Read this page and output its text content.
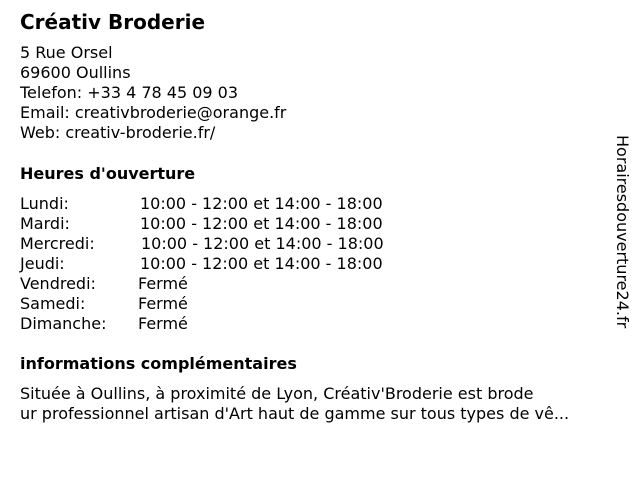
Créativ Broderie
5 Rue Orsel
69600 Oullins
Telefon: +33 4 78 45 09 03
Email: creativbroderie@orange.fr
Web: creativ-broderie.fr/
Heures d'ouverture
Lundi:	10:00 - 12:00 et 14:00 - 18:00
Mardi:	10:00 - 12:00 et 14:00 - 18:00
Mercredi:	10:00 - 12:00 et 14:00 - 18:00
Jeudi:	10:00 - 12:00 et 14:00 - 18:00
Vendredi:	Fermé
Samedi:	Fermé
Dimanche: Fermé
informations complémentaires
Située à Oullins, à proximité de Lyon, Créativ'Broderie est brode
ur professionnel artisan d'Art haut de gamme sur tous types de vê...
Horairesdouverture24.fr
